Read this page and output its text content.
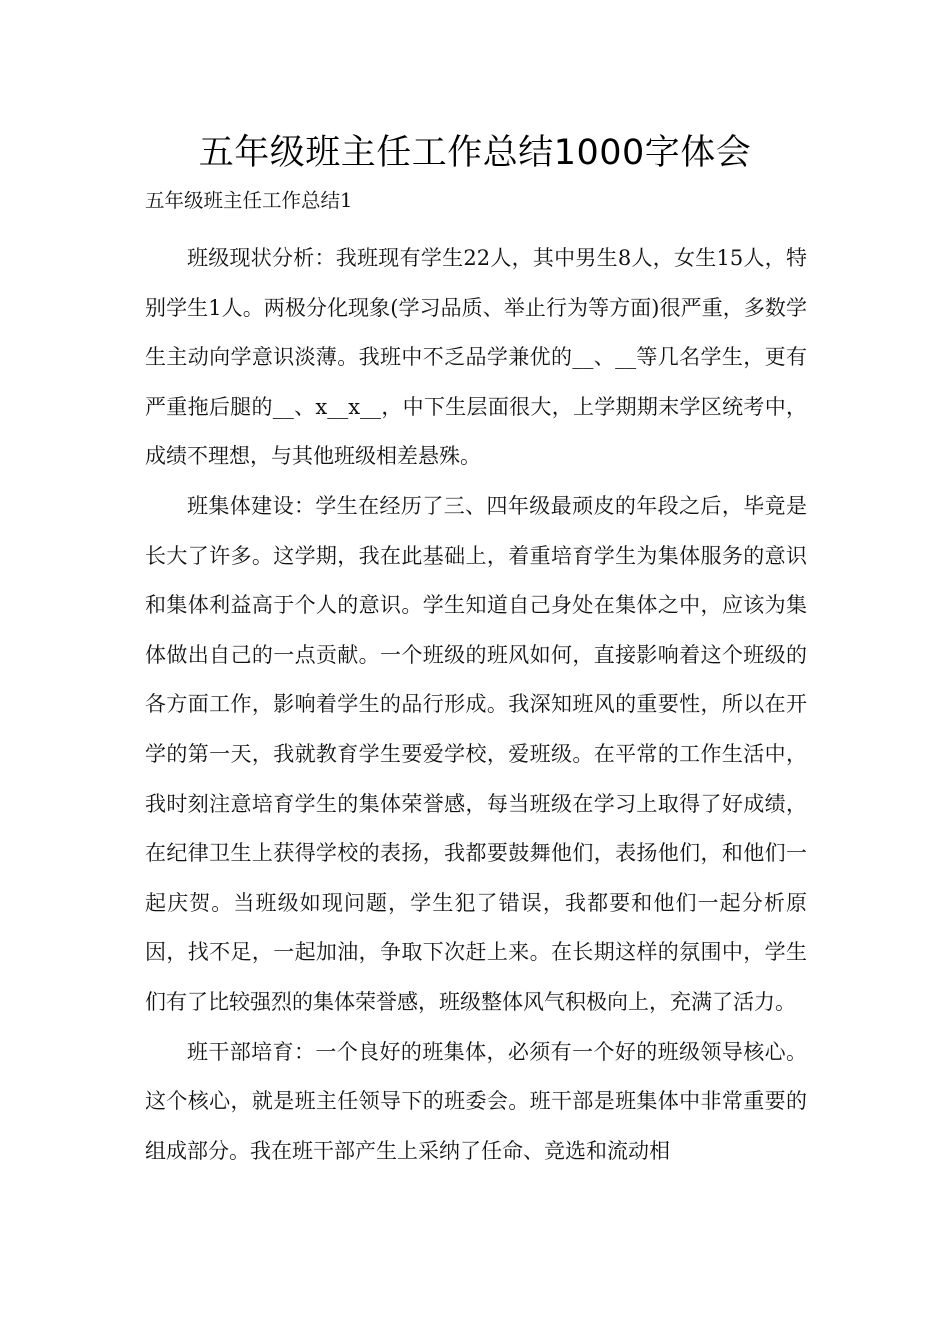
五年级班主任工作总结1000字体会

五年级班主任工作总结1

班级现状分析：我班现有学生22人，其中男生8人，女生15人，特别学生1人。两极分化现象(学习品质、举止行为等方面)很严重，多数学生主动向学意识淡薄。我班中不乏品学兼优的__、__等几名学生，更有严重拖后腿的__、x__x__，中下生层面很大，上学期期末学区统考中，成绩不理想，与其他班级相差悬殊。

班集体建设：学生在经历了三、四年级最顽皮的年段之后，毕竟是长大了许多。这学期，我在此基础上，着重培育学生为集体服务的意识和集体利益高于个人的意识。学生知道自己身处在集体之中，应该为集体做出自己的一点贡献。一个班级的班风如何，直接影响着这个班级的各方面工作，影响着学生的品行形成。我深知班风的重要性，所以在开学的第一天，我就教育学生要爱学校，爱班级。在平常的工作生活中，我时刻注意培育学生的集体荣誉感，每当班级在学习上取得了好成绩，在纪律卫生上获得学校的表扬，我都要鼓舞他们，表扬他们，和他们一起庆贺。当班级如现问题，学生犯了错误，我都要和他们一起分析原因，找不足，一起加油，争取下次赶上来。在长期这样的氛围中，学生们有了比较强烈的集体荣誉感，班级整体风气积极向上，充满了活力。

班干部培育：一个良好的班集体，必须有一个好的班级领导核心。这个核心，就是班主任领导下的班委会。班干部是班集体中非常重要的组成部分。我在班干部产生上采纳了任命、竞选和流动相
